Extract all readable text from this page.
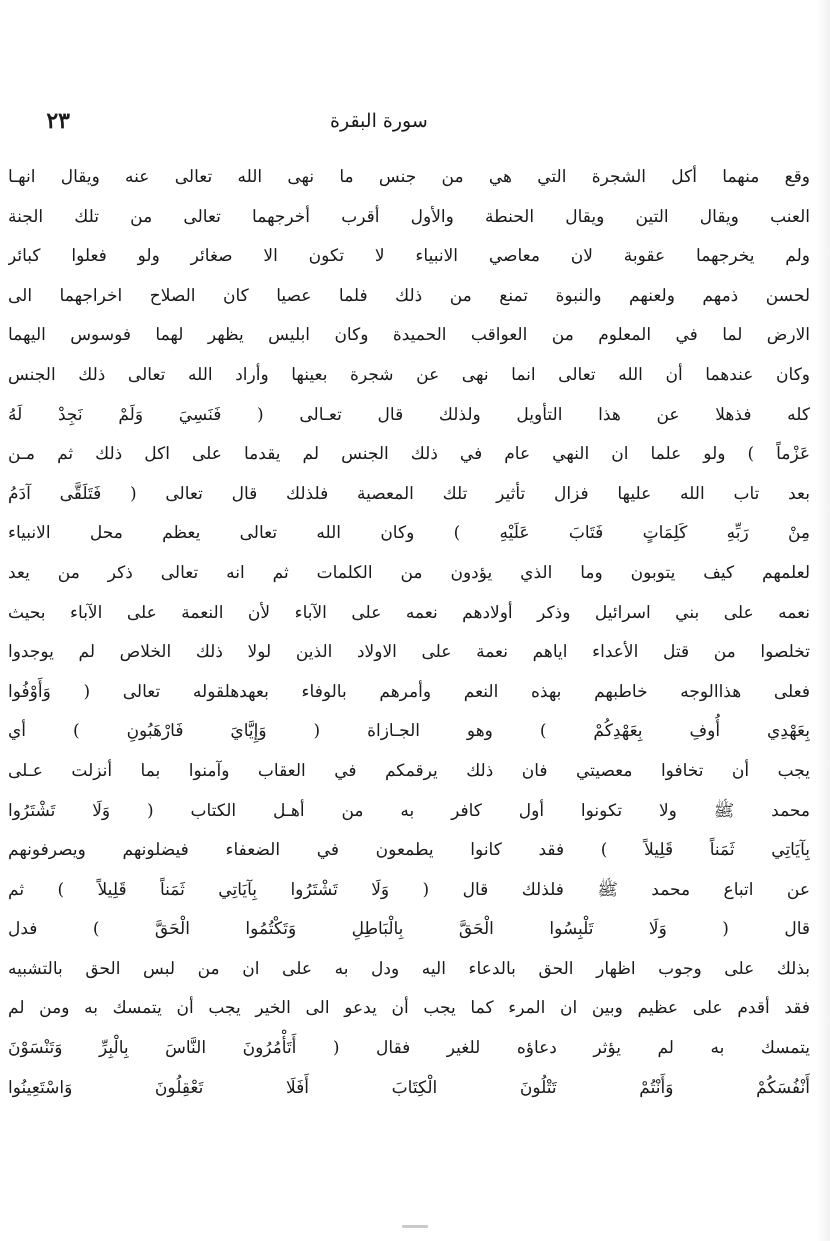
٢٣	سورة البقرة
وقع منهما أكل الشجرة التي هي من جنس ما نهى الله تعالى عنه ويقال انهـا
العنب ويقال التين ويقال الحنطة والأول أقرب أخرجهما تعالى من تلك الجنة
ولم يخرجهما عقوبة لان معاصي الانبياء لا تكون الا صغائر ولو فعلوا كبائر
لحسن ذمهم ولعنهم والنبوة تمنع من ذلك فلما عصيا كان الصلاح اخراجهما الى
الارض لما في المعلوم من العواقب الحميدة وكان ابليس يظهر لهما فوسوس اليهما
وكان عندهما أن الله تعالى انما نهى عن شجرة بعينها وأراد الله تعالى ذلك الجنس
كله فذهلا عن هذا التأويل ولذلك قال تعـالى ( فَنَسِيَ وَلَمْ نَجِدْ لَهُ
عَزْماً ) ولو علما ان النهي عام في ذلك الجنس لم يقدما على اكل ذلك ثم مـن
بعد تاب الله عليها فزال تأثير تلك المعصية فلذلك قال تعالى ( فَتَلَقَّى آدَمُ
مِنْ رَبِّهِ كَلِمَاتٍ فَتَابَ عَلَيْهِ ) وكان الله تعالى يعظم محل الانبياء
لعلمهم كيف يتوبون وما الذي يؤدون من الكلمات ثم انه تعالى ذكر من يعد
نعمه على بني اسرائيل وذكر أولادهم نعمه على الآباء لأن النعمة على الآباء بحيث
تخلصوا من قتل الأعداء اياهم نعمة على الاولاد الذين لولا ذلك الخلاص لم يوجدوا
فعلى هذاالوجه خاطبهم بهذه النعم وأمرهم بالوفاء بعهدهلقوله تعالى ( وَأَوْفُوا
بِعَهْدِي أُوفِ بِعَهْدِكُمْ ) وهو الجـازاة ( وَإِيَّايَ فَارْهَبُونِ ) أي
يجب أن تخافوا معصيتي فان ذلك يرقمكم في العقاب وآمنوا بما أنزلت عـلى
محمد ﷺ ولا تكونوا أول كافر به من أهـل الكتاب ( وَلَا تَشْتَرُوا
بِآيَاتِي ثَمَناً قَلِيلاً ) فقد كانوا يطمعون في الضعفاء فيضلونهم ويصرفونهم
عن اتباع محمد ﷺ فلذلك قال ( وَلَا تَشْتَرُوا بِآيَاتِي ثَمَناً قَلِيلاً ) ثم
قال ( وَلَا تَلْبِسُوا الْحَقَّ بِالْبَاطِلِ وَتَكْتُمُوا الْحَقَّ ) فدل
بذلك على وجوب اظهار الحق بالدعاء اليه ودل به على ان من لبس الحق بالتشبيه
فقد أقدم على عظيم وبين ان المرء كما يجب أن يدعو الى الخير يجب أن يتمسك به ومن لم
يتمسك به لم يؤثر دعاؤه للغير فقال ( أَتَأْمُرُونَ النَّاسَ بِالْبِرِّ وَتَنْسَوْنَ
أَنْفُسَكُمْ وَأَنْتُمْ تَتْلُونَ الْكِتَابَ أَفَلَا تَعْقِلُونَ وَاسْتَعِينُوا
